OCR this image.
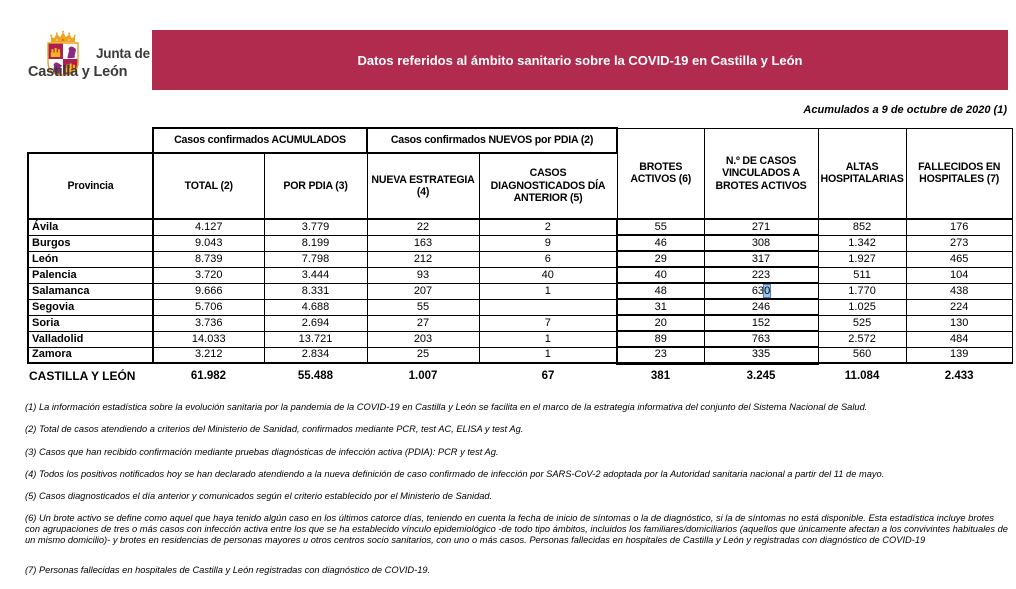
Junta de
Castilla y León
Datos referidos al ámbito sanitario sobre la COVID-19 en Castilla y León
Acumulados a 9 de octubre de 2020 (1)
	Casos confirmados ACUMULADOS		Casos confirmados NUEVOS por PDIA (2)		BROTES ACTIVOS (6)	N.º DE CASOS VINCULADOS A BROTES ACTIVOS	ALTAS HOSPITALARIAS	FALLECIDOS EN HOSPITALES (7)
Provincia	TOTAL (2)	POR PDIA (3)	NUEVA ESTRATEGIA (4)	CASOS DIAGNOSTICADOS DÍA ANTERIOR (5)				
Ávila	4.127	3.779	22	2	55	271	852	176
Burgos	9.043	8.199	163	9	46	308	1.342	273
León	8.739	7.798	212	6	29	317	1.927	465
Palencia	3.720	3.444	93	40	40	223	511	104
Salamanca	9.666	8.331	207	1	48	630	1.770	438
Segovia	5.706	4.688	55		31	246	1.025	224
Soria	3.736	2.694	27	7	20	152	525	130
Valladolid	14.033	13.721	203	1	89	763	2.572	484
Zamora	3.212	2.834	25	1	23	335	560	139
CASTILLA Y LEÓN	61.982	55.488	1.007	67	381	3.245	11.084	2.433

(1) La información estadística sobre la evolución sanitaria por la pandemia de la COVID-19 en Castilla y León se facilita en el marco de la estrategia informativa del conjunto del Sistema Nacional de Salud.

(2) Total de casos atendiendo a criterios del Ministerio de Sanidad, confirmados mediante PCR, test AC, ELISA y test Ag.

(3) Casos que han recibido confirmación mediante pruebas diagnósticas de infección activa (PDIA): PCR y test Ag.

(4) Todos los positivos notificados hoy se han declarado atendiendo a la nueva definición de caso confirmado de infección por SARS-CoV-2 adoptada por la Autoridad sanitaria nacional a partir del 11 de mayo.

(5) Casos diagnosticados el día anterior y comunicados según el criterio establecido por el Ministerio de Sanidad.

(6) Un brote activo se define como aquel que haya tenido algún caso en los últimos catorce días, teniendo en cuenta la fecha de inicio de síntomas o la de diagnóstico, si la de síntomas no está disponible. Esta estadística incluye brotes con agrupaciones de tres o más casos con infección activa entre los que se ha establecido vínculo epidemiológico -de todo tipo ámbitos, incluidos los familiares/domiciliarios (aquellos que únicamente afectan a los convivintes habituales de un mismo domicilio)- y brotes en residencias de personas mayores u otros centros socio sanitarios, con uno o más casos. Personas fallecidas en hospitales de Castilla y León y registradas con diagnóstico de COVID-19

(7) Personas fallecidas en hospitales de Castilla y León registradas con diagnóstico de COVID-19.
